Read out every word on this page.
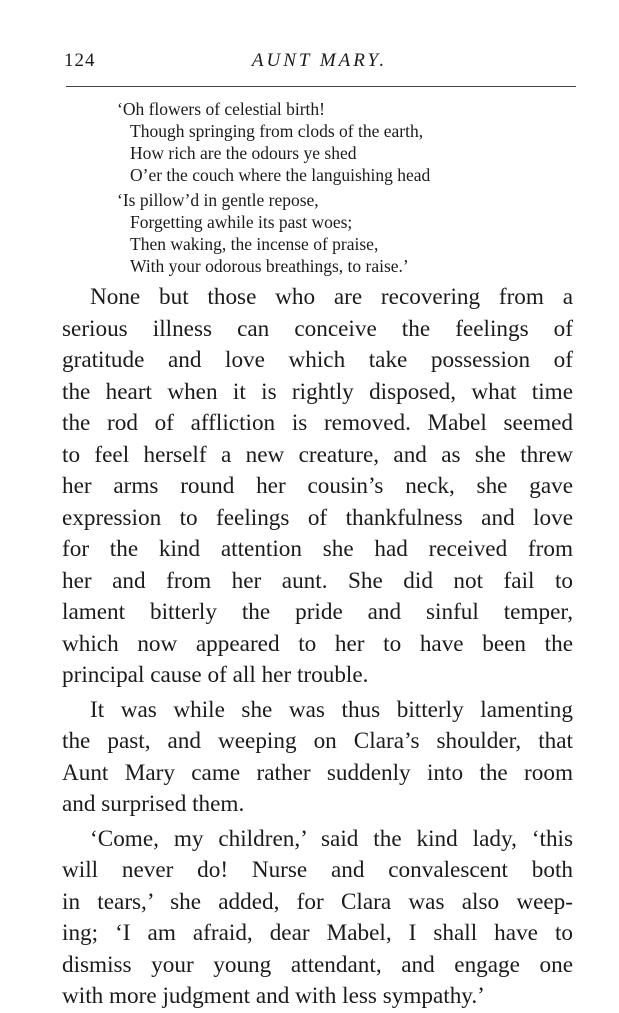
124	AUNT MARY.
‘Oh flowers of celestial birth!
Though springing from clods of the earth,
How rich are the odours ye shed
O’er the couch where the languishing head
‘Is pillow’d in gentle repose,
Forgetting awhile its past woes;
Then waking, the incense of praise,
With your odorous breathings, to raise.’

None but those who are recovering from a
serious illness can conceive the feelings of
gratitude and love which take possession of
the heart when it is rightly disposed, what time
the rod of affliction is removed. Mabel seemed
to feel herself a new creature, and as she threw
her arms round her cousin’s neck, she gave
expression to feelings of thankfulness and love
for the kind attention she had received from
her and from her aunt. She did not fail to
lament bitterly the pride and sinful temper,
which now appeared to her to have been the
principal cause of all her trouble.

It was while she was thus bitterly lamenting
the past, and weeping on Clara’s shoulder, that
Aunt Mary came rather suddenly into the room
and surprised them.

‘Come, my children,’ said the kind lady, ‘this
will never do! Nurse and convalescent both
in tears,’ she added, for Clara was also weep-
ing; ‘I am afraid, dear Mabel, I shall have to
dismiss your young attendant, and engage one
with more judgment and with less sympathy.’
